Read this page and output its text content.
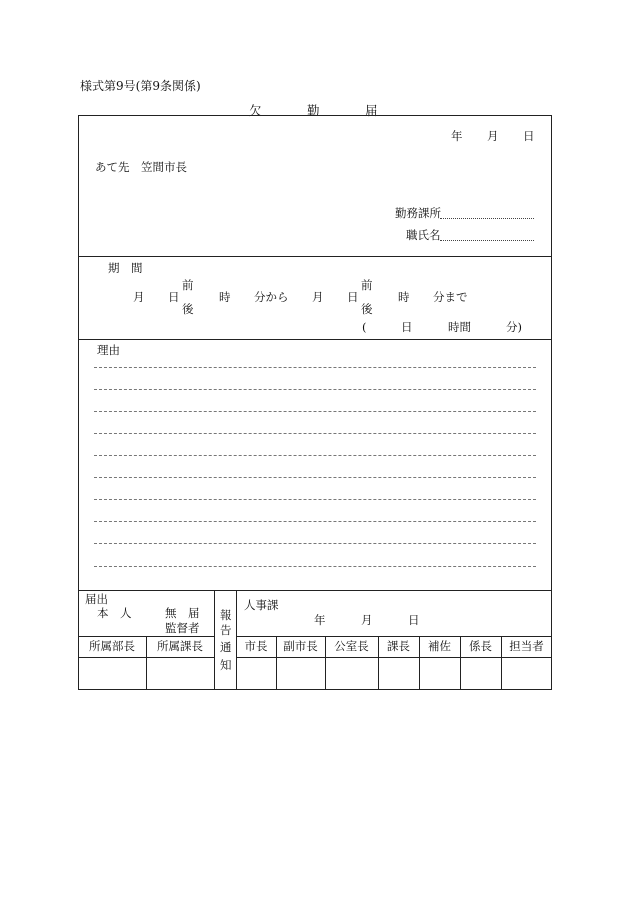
様式第9号(第9条関係)
欠	勤	届
年 月 日
あて先　笠間市長
勤務課所
職氏名
期　間
月 日
前
後
時 分から 月 日
前
後
時 分まで
(	日	時間	分)
理由
届出
本　人	無　届
監督者
報
告
通
知
人事課
年	月	日
所属部長	所属課長	市長	副市長	公室長	課長	補佐	係長	担当者
